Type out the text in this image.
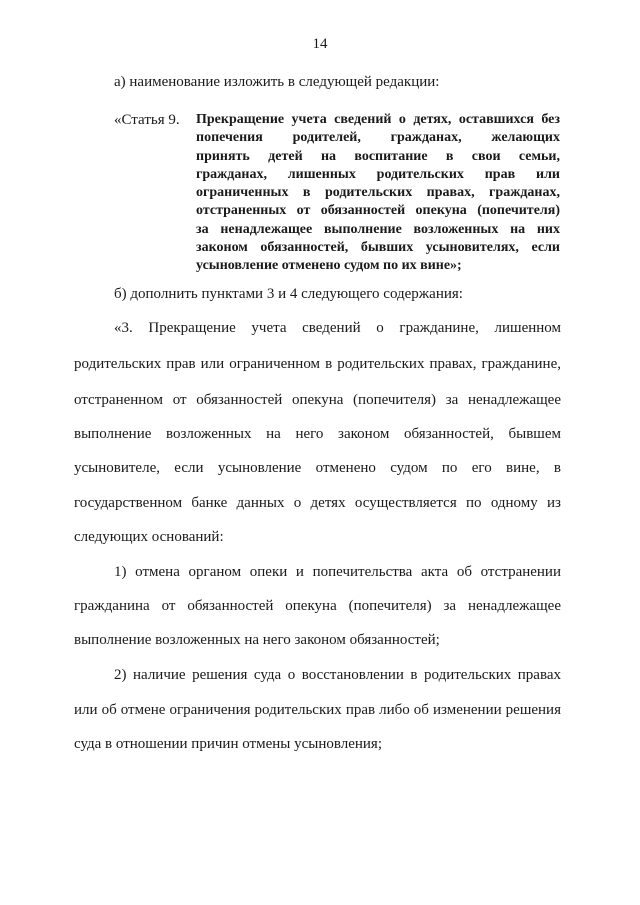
14
а) наименование изложить в следующей редакции:
«Статья 9. Прекращение учета сведений о детях, оставшихся без
попечения родителей, гражданах, желающих
принять детей на воспитание в свои семьи,
гражданах, лишенных родительских прав или
ограниченных в родительских правах, гражданах,
отстраненных от обязанностей опекуна (попечителя)
за ненадлежащее выполнение возложенных на них
законом обязанностей, бывших усыновителях, если
усыновление отменено судом по их вине»;
б) дополнить пунктами 3 и 4 следующего содержания:
«3. Прекращение учета сведений о гражданине, лишенном
родительских прав или ограниченном в родительских правах, гражданине,
отстраненном от обязанностей опекуна (попечителя) за ненадлежащее
выполнение возложенных на него законом обязанностей, бывшем
усыновителе, если усыновление отменено судом по его вине, в
государственном банке данных о детях осуществляется по одному из
следующих оснований:
1) отмена органом опеки и попечительства акта об отстранении
гражданина от обязанностей опекуна (попечителя) за ненадлежащее
выполнение возложенных на него законом обязанностей;
2) наличие решения суда о восстановлении в родительских правах
или об отмене ограничения родительских прав либо об изменении решения
суда в отношении причин отмены усыновления;
